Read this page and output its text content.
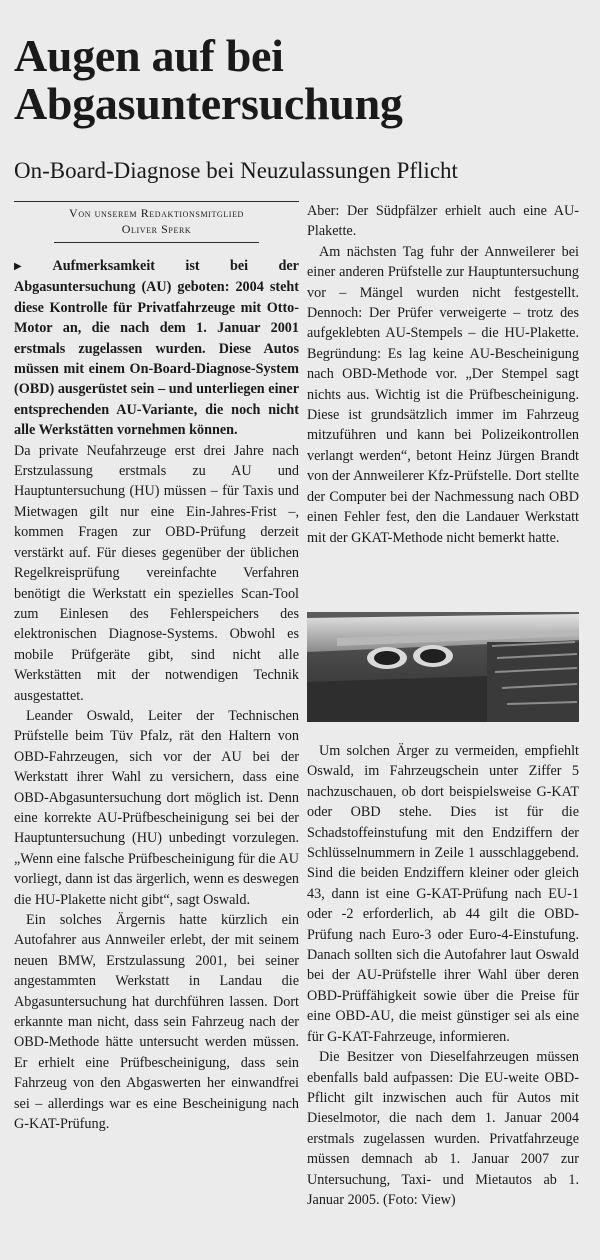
Augen auf bei Abgasuntersuchung
On-Board-Diagnose bei Neuzulassungen Pflicht

Von unserem Redaktionsmitglied

Oliver Sperk

▶ Aufmerksamkeit ist bei der Abgasuntersuchung (AU) geboten: 2004 steht diese Kontrolle für Privatfahrzeuge mit Otto-Motor an, die nach dem 1. Januar 2001 erstmals zugelassen wurden. Diese Autos müssen mit einem On-Board-Diagnose-System (OBD) ausgerüstet sein – und unterliegen einer entsprechenden AU-Variante, die noch nicht alle Werkstätten vornehmen können.

Da private Neufahrzeuge erst drei Jahre nach Erstzulassung erstmals zu AU und Hauptuntersuchung (HU) müssen – für Taxis und Mietwagen gilt nur eine Ein-Jahres-Frist –, kommen Fragen zur OBD-Prüfung derzeit verstärkt auf. Für dieses gegenüber der üblichen Regelkreisprüfung vereinfachte Verfahren benötigt die Werkstatt ein spezielles Scan-Tool zum Einlesen des Fehlerspeichers des elektronischen Diagnose-Systems. Obwohl es mobile Prüfgeräte gibt, sind nicht alle Werkstätten mit der notwendigen Technik ausgestattet.

Leander Oswald, Leiter der Technischen Prüfstelle beim Tüv Pfalz, rät den Haltern von OBD-Fahrzeugen, sich vor der AU bei der Werkstatt ihrer Wahl zu versichern, dass eine OBD-Abgasuntersuchung dort möglich ist. Denn eine korrekte AU-Prüfbescheinigung sei bei der Hauptuntersuchung (HU) unbedingt vorzulegen. „Wenn eine falsche Prüfbescheinigung für die AU vorliegt, dann ist das ärgerlich, wenn es deswegen die HU-Plakette nicht gibt“, sagt Oswald.

Ein solches Ärgernis hatte kürzlich ein Autofahrer aus Annweiler erlebt, der mit seinem neuen BMW, Erstzulassung 2001, bei seiner angestammten Werkstatt in Landau die Abgasuntersuchung hat durchführen lassen. Dort erkannte man nicht, dass sein Fahrzeug nach der OBD-Methode hätte untersucht werden müssen. Er erhielt eine Prüfbescheinigung, dass sein Fahrzeug von den Abgaswerten her einwandfrei sei – allerdings war es eine Bescheinigung nach G-KAT-Prüfung.

Aber: Der Südpfälzer erhielt auch eine AU-Plakette.

Am nächsten Tag fuhr der Annweilerer bei einer anderen Prüfstelle zur Hauptuntersuchung vor – Mängel wurden nicht festgestellt. Dennoch: Der Prüfer verweigerte – trotz des aufgeklebten AU-Stempels – die HU-Plakette. Begründung: Es lag keine AU-Bescheinigung nach OBD-Methode vor. „Der Stempel sagt nichts aus. Wichtig ist die Prüfbescheinigung. Diese ist grundsätzlich immer im Fahrzeug mitzuführen und kann bei Polizeikontrollen verlangt werden“, betont Heinz Jürgen Brandt von der Annweilerer Kfz-Prüfstelle. Dort stellte der Computer bei der Nachmessung nach OBD einen Fehler fest, den die Landauer Werkstatt mit der GKAT-Methode nicht bemerkt hatte.

Um solchen Ärger zu vermeiden, empfiehlt Oswald, im Fahrzeugschein unter Ziffer 5 nachzuschauen, ob dort beispielsweise G-KAT oder OBD stehe. Dies ist für die Schadstoffeinstufung mit den Endziffern der Schlüsselnummern in Zeile 1 ausschlaggebend. Sind die beiden Endziffern kleiner oder gleich 43, dann ist eine G-KAT-Prüfung nach EU-1 oder -2 erforderlich, ab 44 gilt die OBD-Prüfung nach Euro-3 oder Euro-4-Einstufung. Danach sollten sich die Autofahrer laut Oswald bei der AU-Prüfstelle ihrer Wahl über deren OBD-Prüffähigkeit sowie über die Preise für eine OBD-AU, die meist günstiger sei als eine für G-KAT-Fahrzeuge, informieren.

Die Besitzer von Dieselfahrzeugen müssen ebenfalls bald aufpassen: Die EU-weite OBD-Pflicht gilt inzwischen auch für Autos mit Dieselmotor, die nach dem 1. Januar 2004 erstmals zugelassen wurden. Privatfahrzeuge müssen demnach ab 1. Januar 2007 zur Untersuchung, Taxi- und Mietautos ab 1. Januar 2005. (Foto: View)
